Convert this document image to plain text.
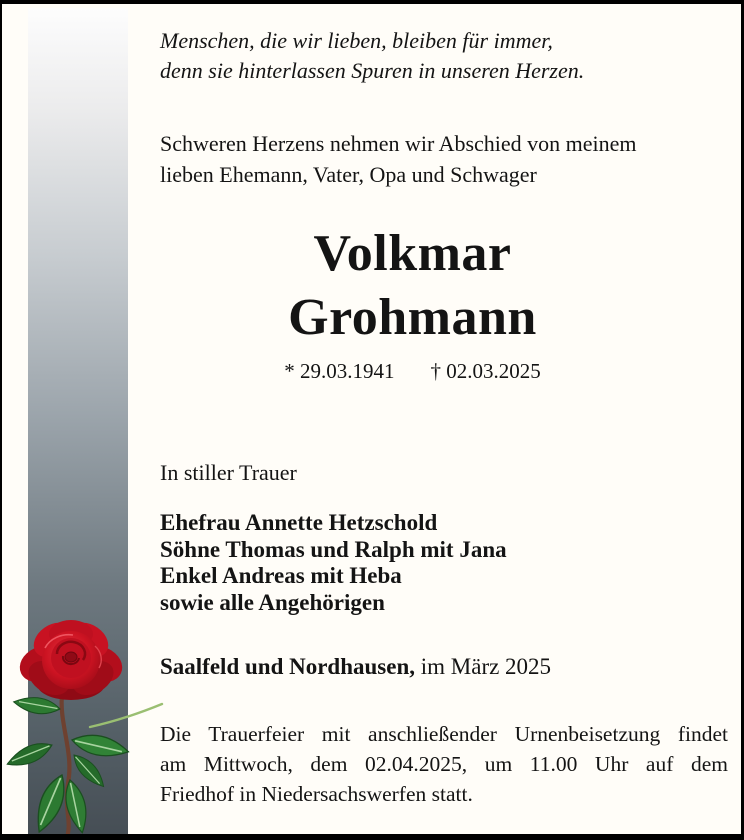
Menschen, die wir lieben, bleiben für immer,
denn sie hinterlassen Spuren in unseren Herzen.
Schweren Herzens nehmen wir Abschied von meinem
lieben Ehemann, Vater, Opa und Schwager
Volkmar
Grohmann
* 29.03.1941 † 02.03.2025
In stiller Trauer
Ehefrau Annette Hetzschold
Söhne Thomas und Ralph mit Jana
Enkel Andreas mit Heba
sowie alle Angehörigen
Saalfeld und Nordhausen, im März 2025
Die Trauerfeier mit anschließender Urnenbeisetzung findet
am Mittwoch, dem 02.04.2025, um 11.00 Uhr auf dem
Friedhof in Niedersachswerfen statt.
